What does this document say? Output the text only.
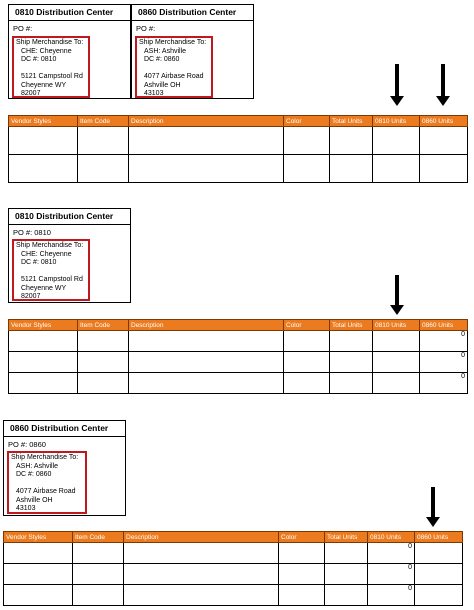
0810 Distribution Center
PO #:
Ship Merchandise To:
CHE: Cheyenne
DC #: 0810
5121 Campstool Rd
Cheyenne WY
82007
0860 Distribution Center
PO #:
Ship Merchandise To:
ASH: Ashville
DC #: 0860
4077 Airbase Road
Ashville OH
43103
Vendor Styles	Item Code	Description	Color	Total Units	0810 Units	0860 Units

0810 Distribution Center
PO #: 0810
Ship Merchandise To:
CHE: Cheyenne
DC #: 0810
5121 Campstool Rd
Cheyenne WY
82007
Vendor Styles	Item Code	Description	Color	Total Units	0810 Units	0860 Units
						0
						0
						0
0860 Distribution Center
PO #: 0860
Ship Merchandise To:
ASH: Ashville
DC #: 0860
4077 Airbase Road
Ashville OH
43103
Vendor Styles	Item Code	Description	Color	Total Units	0810 Units	0860 Units
					0	
					0	
					0	
